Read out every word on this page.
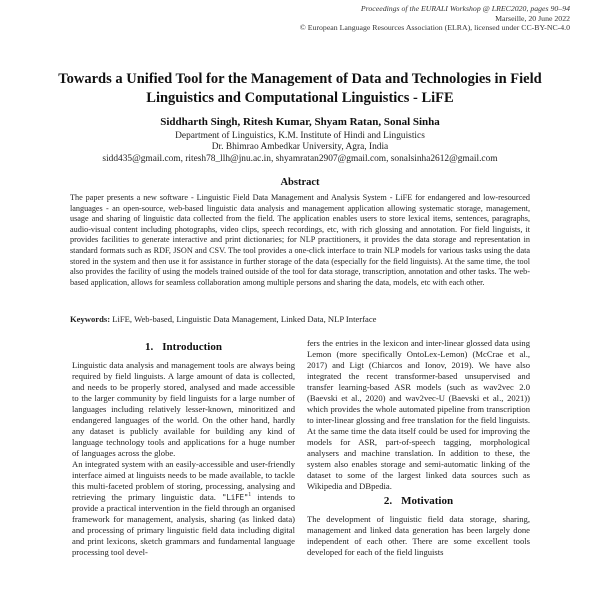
Proceedings of the EURALI Workshop @ LREC2020, pages 90–94
Marseille, 20 June 2022
© European Language Resources Association (ELRA), licensed under CC-BY-NC-4.0
Towards a Unified Tool for the Management of Data and Technologies in Field Linguistics and Computational Linguistics - LiFE
Siddharth Singh, Ritesh Kumar, Shyam Ratan, Sonal Sinha
Department of Linguistics, K.M. Institute of Hindi and Linguistics
Dr. Bhimrao Ambedkar University, Agra, India
sidd435@gmail.com, ritesh78_llh@jnu.ac.in, shyamratan2907@gmail.com, sonalsinha2612@gmail.com
Abstract
The paper presents a new software - Linguistic Field Data Management and Analysis System - LiFE for endangered and low-resourced languages - an open-source, web-based linguistic data analysis and management application allowing systematic storage, management, usage and sharing of linguistic data collected from the field. The application enables users to store lexical items, sentences, paragraphs, audio-visual content including photographs, video clips, speech recordings, etc, with rich glossing and annotation. For field linguists, it provides facilities to generate interactive and print dictionaries; for NLP practitioners, it provides the data storage and representation in standard formats such as RDF, JSON and CSV. The tool provides a one-click interface to train NLP models for various tasks using the data stored in the system and then use it for assistance in further storage of the data (especially for the field linguists). At the same time, the tool also provides the facility of using the models trained outside of the tool for data storage, transcription, annotation and other tasks. The web-based application, allows for seamless collaboration among multiple persons and sharing the data, models, etc with each other.
Keywords: LiFE, Web-based, Linguistic Data Management, Linked Data, NLP Interface
1. Introduction

Linguistic data analysis and management tools are always being required by field linguists. A large amount of data is collected, and needs to be properly stored, analysed and made accessible to the larger community by field linguists for a large number of languages including relatively lesser-known, minoritized and endangered languages of the world. On the other hand, hardly any dataset is publicly available for building any kind of language technology tools and applications for a huge number of languages across the globe.

An integrated system with an easily-accessible and user-friendly interface aimed at linguists needs to be made available, to tackle this multi-faceted problem of storing, processing, analysing and retrieving the primary linguistic data. "LiFE"$^1$ intends to provide a practical intervention in the field through an organised framework for management, analysis, sharing (as linked data) and processing of primary linguistic field data including digital and print lexicons, sketch grammars and fundamental language processing tool devel-

fers the entries in the lexicon and inter-linear glossed data using Lemon (more specifically OntoLex-Lemon) (McCrae et al., 2017) and Ligt (Chiarcos and Ionov, 2019). We have also integrated the recent transformer-based unsupervised and transfer learning-based ASR models (such as wav2vec 2.0 (Baevski et al., 2020) and wav2vec-U (Baevski et al., 2021)) which provides the whole automated pipeline from transcription to inter-linear glossing and free translation for the field linguists. At the same time the data itself could be used for improving the models for ASR, part-of-speech tagging, morphological analysers and machine translation. In addition to these, the system also enables storage and semi-automatic linking of the dataset to some of the largest linked data sources such as Wikipedia and DBpedia.

2. Motivation

The development of linguistic field data storage, sharing, management and linked data generation has been largely done independent of each other. There are some excellent tools developed for each of the field linguists
